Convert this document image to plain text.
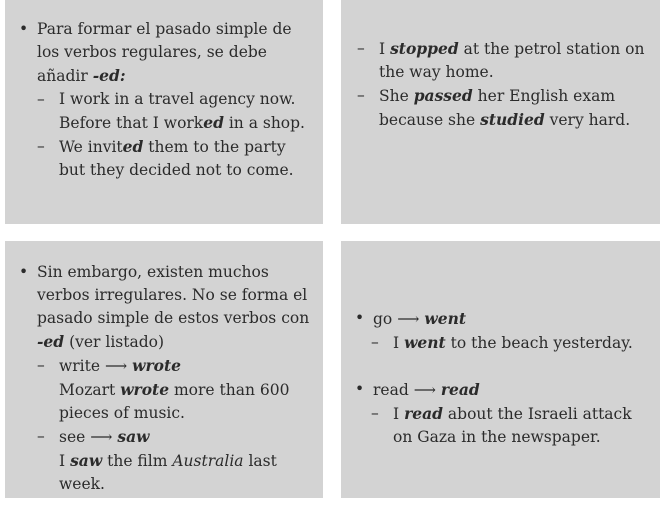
• Para formar el pasado simple de los verbos regulares, se debe añadir -ed:
– I work in a travel agency now. Before that I worked in a shop.
– We invited them to the party but they decided not to come.
– I stopped at the petrol station on the way home.
– She passed her English exam because she studied very hard.
• Sin embargo, existen muchos verbos irregulares. No se forma el pasado simple de estos verbos con -ed (ver listado)
– write ⟶ wrote
Mozart wrote more than 600 pieces of music.
– see ⟶ saw
I saw the film Australia last week.
• go ⟶ went
– I went to the beach yesterday.
• read ⟶ read
– I read about the Israeli attack on Gaza in the newspaper.
